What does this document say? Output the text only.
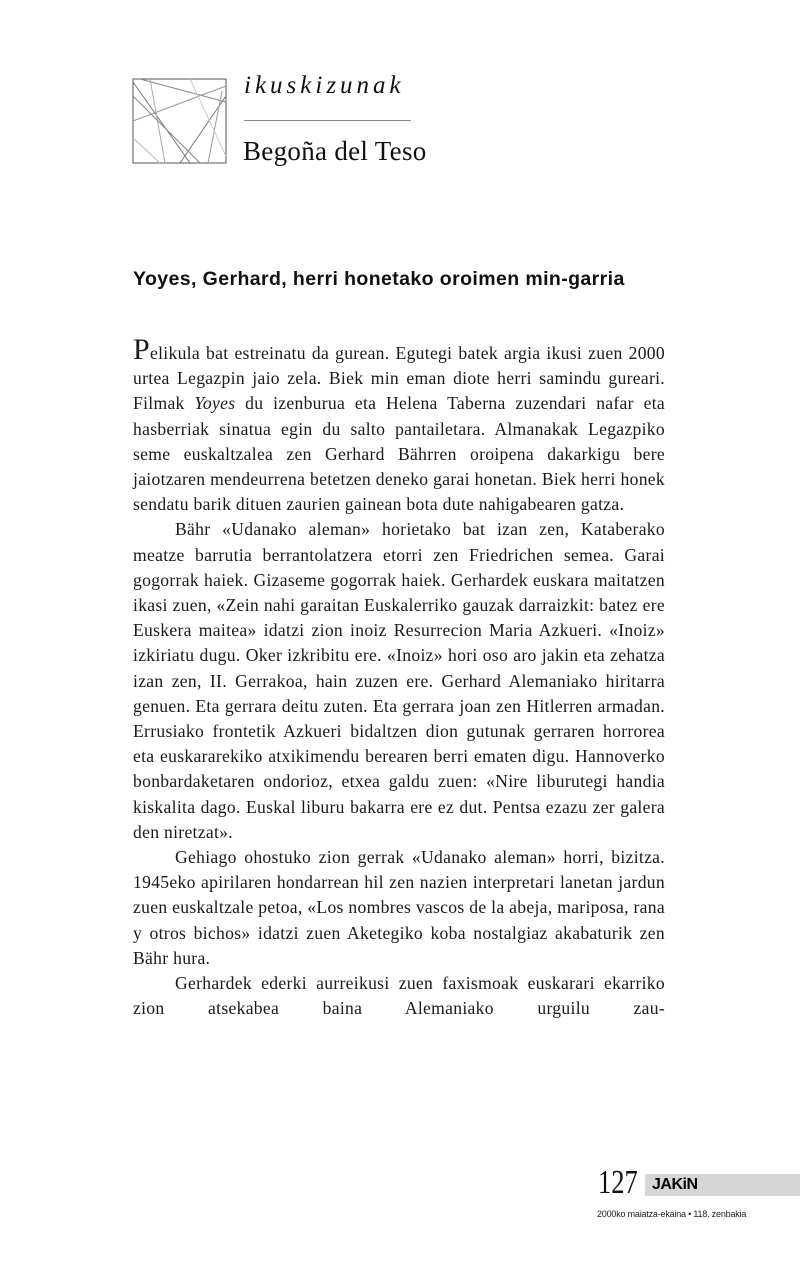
ikuskizunak
Begoña del Teso
Yoyes, Gerhard, herri honetako oroimen min-garria

Pelikula bat estreinatu da gurean. Egutegi batek argia ikusi zuen 2000 urtea Legazpin jaio zela. Biek min eman diote herri samindu gureari. Filmak Yoyes du izenburua eta Helena Taberna zuzendari nafar eta hasberriak sinatua egin du salto pantailetara. Almanakak Legazpiko seme euskaltzalea zen Gerhard Bährren oroipena dakarkigu bere jaiotzaren mendeurrena betetzen deneko garai honetan. Biek herri honek sendatu barik dituen zaurien gainean bota dute nahigabearen gatza.

Bähr «Udanako aleman» horietako bat izan zen, Kataberako meatze barrutia berrantolatzera etorri zen Friedrichen semea. Garai gogorrak haiek. Gizaseme gogorrak haiek. Gerhardek euskara maitatzen ikasi zuen, «Zein nahi garaitan Euskalerriko gauzak darraizkit: batez ere Euskera maitea» idatzi zion inoiz Resurrecion Maria Azkueri. «Inoiz» izkiriatu dugu. Oker izkribitu ere. «Inoiz» hori oso aro jakin eta zehatza izan zen, II. Gerrakoa, hain zuzen ere. Gerhard Alemaniako hiritarra genuen. Eta gerrara deitu zuten. Eta gerrara joan zen Hitlerren armadan. Errusiako frontetik Azkueri bidaltzen dion gutunak gerraren horrorea eta euskararekiko atxikimendu berearen berri ematen digu. Hannoverko bonbardaketaren ondorioz, etxea galdu zuen: «Nire liburutegi handia kiskalita dago. Euskal liburu bakarra ere ez dut. Pentsa ezazu zer galera den niretzat».

Gehiago ohostuko zion gerrak «Udanako aleman» horri, bizitza. 1945eko apirilaren hondarrean hil zen nazien interpretari lanetan jardun zuen euskaltzale petoa, «Los nombres vascos de la abeja, mariposa, rana y otros bichos» idatzi zuen Aketegiko koba nostalgiaz akabaturik zen Bähr hura.

Gerhardek ederki aurreikusi zuen faxismoak euskarari ekarriko zion atsekabea baina Alemaniako urguilu zau-

127 JAKiN
2000ko maiatza-ekaina • 118. zenbakia
